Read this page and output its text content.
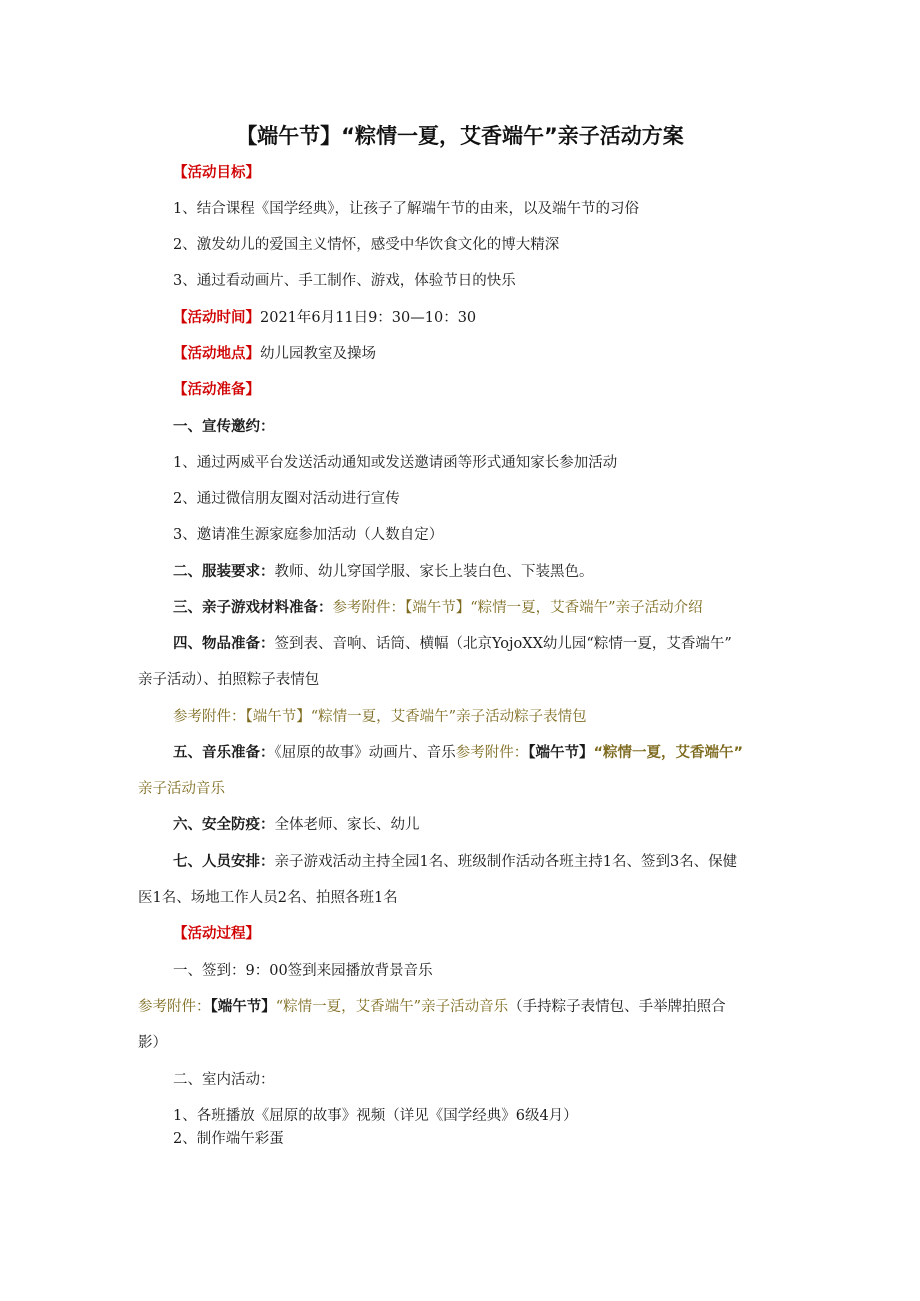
【端午节】“粽情一夏，艾香端午”亲子活动方案
【活动目标】
1、结合课程《国学经典》，让孩子了解端午节的由来，以及端午节的习俗
2、激发幼儿的爱国主义情怀，感受中华饮食文化的博大精深
3、通过看动画片、手工制作、游戏，体验节日的快乐
【活动时间】2021年6月11日9：30—10：30
【活动地点】幼儿园教室及操场
【活动准备】
一、宣传邀约：
1、通过两威平台发送活动通知或发送邀请函等形式通知家长参加活动
2、通过微信朋友圈对活动进行宣传
3、邀请准生源家庭参加活动（人数自定）
二、服装要求：教师、幼儿穿国学服、家长上装白色、下装黑色。
三、亲子游戏材料准备：参考附件：【端午节】“粽情一夏，艾香端午”亲子活动介绍
四、物品准备：签到表、音响、话筒、横幅（北京YojoXX幼儿园“粽情一夏，艾香端午”
亲子活动）、拍照粽子表情包
参考附件：【端午节】“粽情一夏，艾香端午”亲子活动粽子表情包
五、音乐准备：《屈原的故事》动画片、音乐参考附件：【端午节】“粽情一夏，艾香端午”
亲子活动音乐
六、安全防疫：全体老师、家长、幼儿
七、人员安排：亲子游戏活动主持全园1名、班级制作活动各班主持1名、签到3名、保健
医1名、场地工作人员2名、拍照各班1名
【活动过程】
一、签到：9：00签到来园播放背景音乐
参考附件：【端午节】“粽情一夏，艾香端午”亲子活动音乐（手持粽子表情包、手举牌拍照合
影）
二、室内活动：
1、各班播放《屈原的故事》视频（详见《国学经典》6级4月）
2、制作端午彩蛋
